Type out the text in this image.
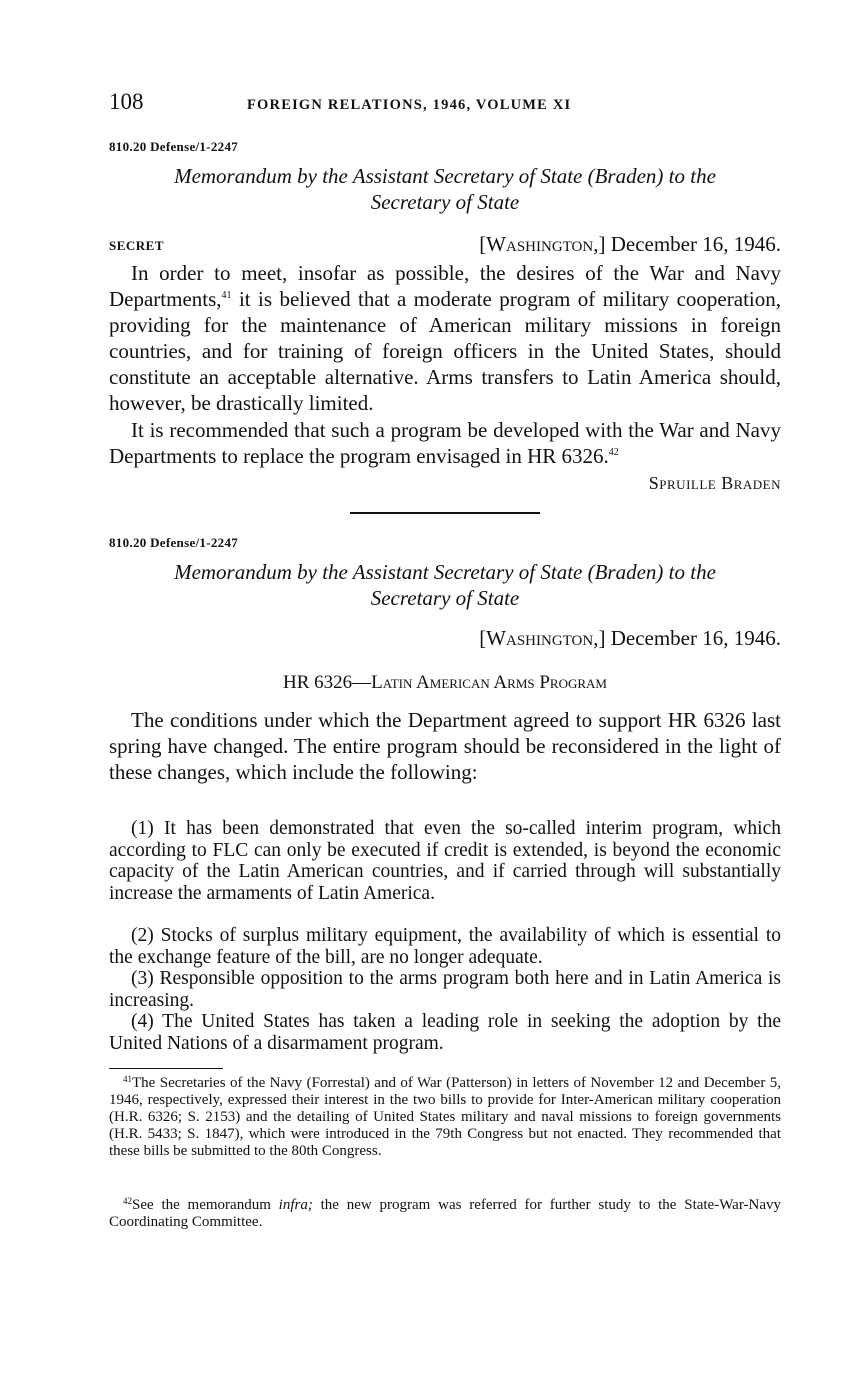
108	FOREIGN RELATIONS, 1946, VOLUME XI
810.20 Defense/1-2247
Memorandum by the Assistant Secretary of State (Braden) to the
Secretary of State
SECRET	[Washington,] December 16, 1946.

In order to meet, insofar as possible, the desires of the War and Navy Departments,$^{41}$ it is believed that a moderate program of military cooperation, providing for the maintenance of American military missions in foreign countries, and for training of foreign officers in the United States, should constitute an acceptable alternative. Arms transfers to Latin America should, however, be drastically limited.

It is recommended that such a program be developed with the War and Navy Departments to replace the program envisaged in HR 6326.42

Spruille Braden
810.20 Defense/1-2247
Memorandum by the Assistant Secretary of State (Braden) to the
Secretary of State
[Washington,] December 16, 1946.
HR 6326—Latin American Arms Program

The conditions under which the Department agreed to support HR 6326 last spring have changed. The entire program should be reconsidered in the light of these changes, which include the following:

(1) It has been demonstrated that even the so-called interim program, which according to FLC can only be executed if credit is extended, is beyond the economic capacity of the Latin American countries, and if carried through will substantially increase the armaments of Latin America.

(2) Stocks of surplus military equipment, the availability of which is essential to the exchange feature of the bill, are no longer adequate.

(3) Responsible opposition to the arms program both here and in Latin America is increasing.

(4) The United States has taken a leading role in seeking the adoption by the United Nations of a disarmament program.

$^{41}$The Secretaries of the Navy (Forrestal) and of War (Patterson) in letters of November 12 and December 5, 1946, respectively, expressed their interest in the two bills to provide for Inter-American military cooperation (H.R. 6326; S. 2153) and the detailing of United States military and naval missions to foreign governments (H.R. 5433; S. 1847), which were introduced in the 79th Congress but not enacted. They recommended that these bills be submitted to the 80th Congress.

$^{42}$See the memorandum infra; the new program was referred for further study to the State-War-Navy Coordinating Committee.
